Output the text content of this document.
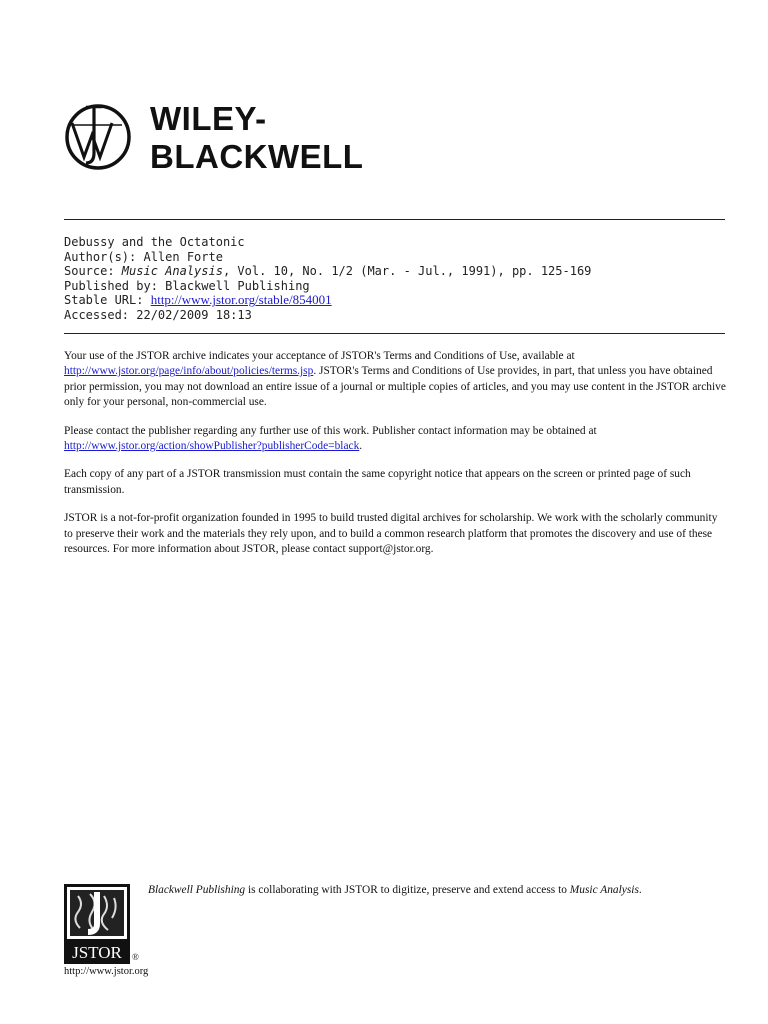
WILEY-
BLACKWELL
Debussy and the Octatonic
Author(s): Allen Forte
Source: Music Analysis, Vol. 10, No. 1/2 (Mar. - Jul., 1991), pp. 125-169
Published by: Blackwell Publishing
Stable URL: http://www.jstor.org/stable/854001
Accessed: 22/02/2009 18:13

Your use of the JSTOR archive indicates your acceptance of JSTOR's Terms and Conditions of Use, available at
http://www.jstor.org/page/info/about/policies/terms.jsp. JSTOR's Terms and Conditions of Use provides, in part, that unless you have obtained prior permission, you may not download an entire issue of a journal or multiple copies of articles, and you may use content in the JSTOR archive only for your personal, non-commercial use.

Please contact the publisher regarding any further use of this work. Publisher contact information may be obtained at
http://www.jstor.org/action/showPublisher?publisherCode=black.

Each copy of any part of a JSTOR transmission must contain the same copyright notice that appears on the screen or printed page of such transmission.

JSTOR is a not-for-profit organization founded in 1995 to build trusted digital archives for scholarship. We work with the scholarly community to preserve their work and the materials they rely upon, and to build a common research platform that promotes the discovery and use of these resources. For more information about JSTOR, please contact support@jstor.org.

JSTOR
http://www.jstor.org
®
Blackwell Publishing is collaborating with JSTOR to digitize, preserve and extend access to Music Analysis.
